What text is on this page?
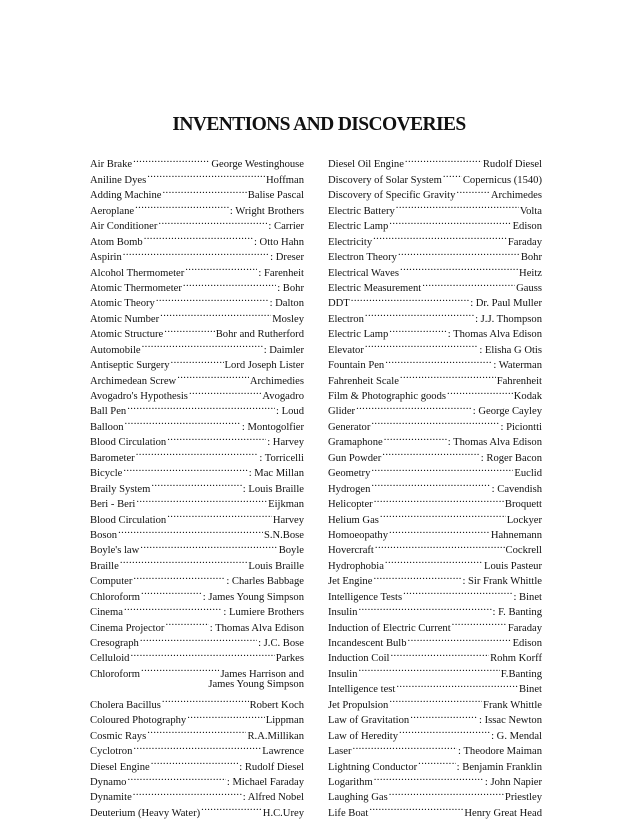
INVENTIONS AND DISCOVERIES
Air Brake .....	George Westinghouse
Aniline Dyes .....	Hoffman
Adding Machine .....	Balise Pascal
Aeroplane .....	: Wright Brothers
Air Conditioner .....	: Carrier
Atom Bomb .....	: Otto Hahn
Aspirin .....	: Dreser
Alcohol Thermometer .....	: Farenheit
Atomic Thermometer .....	: Bohr
Atomic Theory .....	: Dalton
Atomic Number .....	Mosley
Atomic Structure .....	Bohr and Rutherford
Automobile .....	: Daimler
Antiseptic Surgery .....	Lord Joseph Lister
Archimedean Screw .....	Archimedies
Avogadro's Hypothesis .....	Avogadro
Ball Pen .....	: Loud
Balloon .....	: Montogolfier
Blood Circulation .....	: Harvey
Barometer .....	: Torricelli
Bicycle .....	: Mac Millan
Braily System .....	: Louis Braille
Beri - Beri .....	Eijkman
Blood Circulation .....	Harvey
Boson .....	S.N.Bose
Boyle's law .....	Boyle
Braille .....	Louis Braille
Computer .....	: Charles Babbage
Chloroform .....	: James Young Simpson
Cinema .....	: Lumiere Brothers
Cinema Projector .....	: Thomas Alva Edison
Cresograph .....	: J.C. Bose
Celluloid .....	Parkes
Chloroform .....	James Harrison and
James Young Simpson
Cholera Bacillus .....	Robert Koch
Coloured Photography .....	Lippman
Cosmic Rays .....	R.A.Millikan
Cyclotron .....	Lawrence
Diesel Engine .....	: Rudolf Diesel
Dynamo .....	: Michael Faraday
Dynamite .....	: Alfred Nobel
Deuterium (Heavy Water) .....	H.C.Urey
Diesel Oil Engine .....	Rudolf Diesel
Discovery of Solar System ..... Copernicus (1540)
Discovery of Specific Gravity .....	Archimedes
Electric Battery .....	Volta
Electric Lamp .....	Edison
Electricity .....	Faraday
Electron Theory .....	Bohr
Electrical Waves .....	Heitz
Electric Measurement .....	Gauss
DDT .....	: Dr. Paul Muller
Electron .....	: J.J. Thompson
Electric Lamp .....	: Thomas Alva Edison
Elevator .....	: Elisha G Otis
Fountain Pen .....	: Waterman
Fahrenheit Scale .....	Fahrenheit
Film & Photographic goods .....	Kodak
Glider .....	: George Cayley
Generator .....	: Piciontti
Gramaphone .....	: Thomas Alva Edison
Gun Powder .....	: Roger Bacon
Geometry .....	Euclid
Hydrogen .....	: Cavendish
Helicopter .....	Broquett
Helium Gas .....	Lockyer
Homoeopathy .....	Hahnemann
Hovercraft .....	Cockrell
Hydrophobia .....	Louis Pasteur
Jet Engine .....	: Sir Frank Whittle
Intelligence Tests .....	: Binet
Insulin .....	: F. Banting
Induction of Electric Current .....	Faraday
Incandescent Bulb .....	Edison
Induction Coil .....	Rohm Korff
Insulin .....	F.Banting
Intelligence test .....	Binet
Jet Propulsion .....	Frank Whittle
Law of Gravitation .....	: Issac Newton
Law of Heredity .....	: G. Mendal
Laser .....	: Theodore Maiman
Lightning Conductor .....	: Benjamin Franklin
Logarithm .....	: John Napier
Laughing Gas .....	Priestley
Life Boat .....	Henry Great Head
